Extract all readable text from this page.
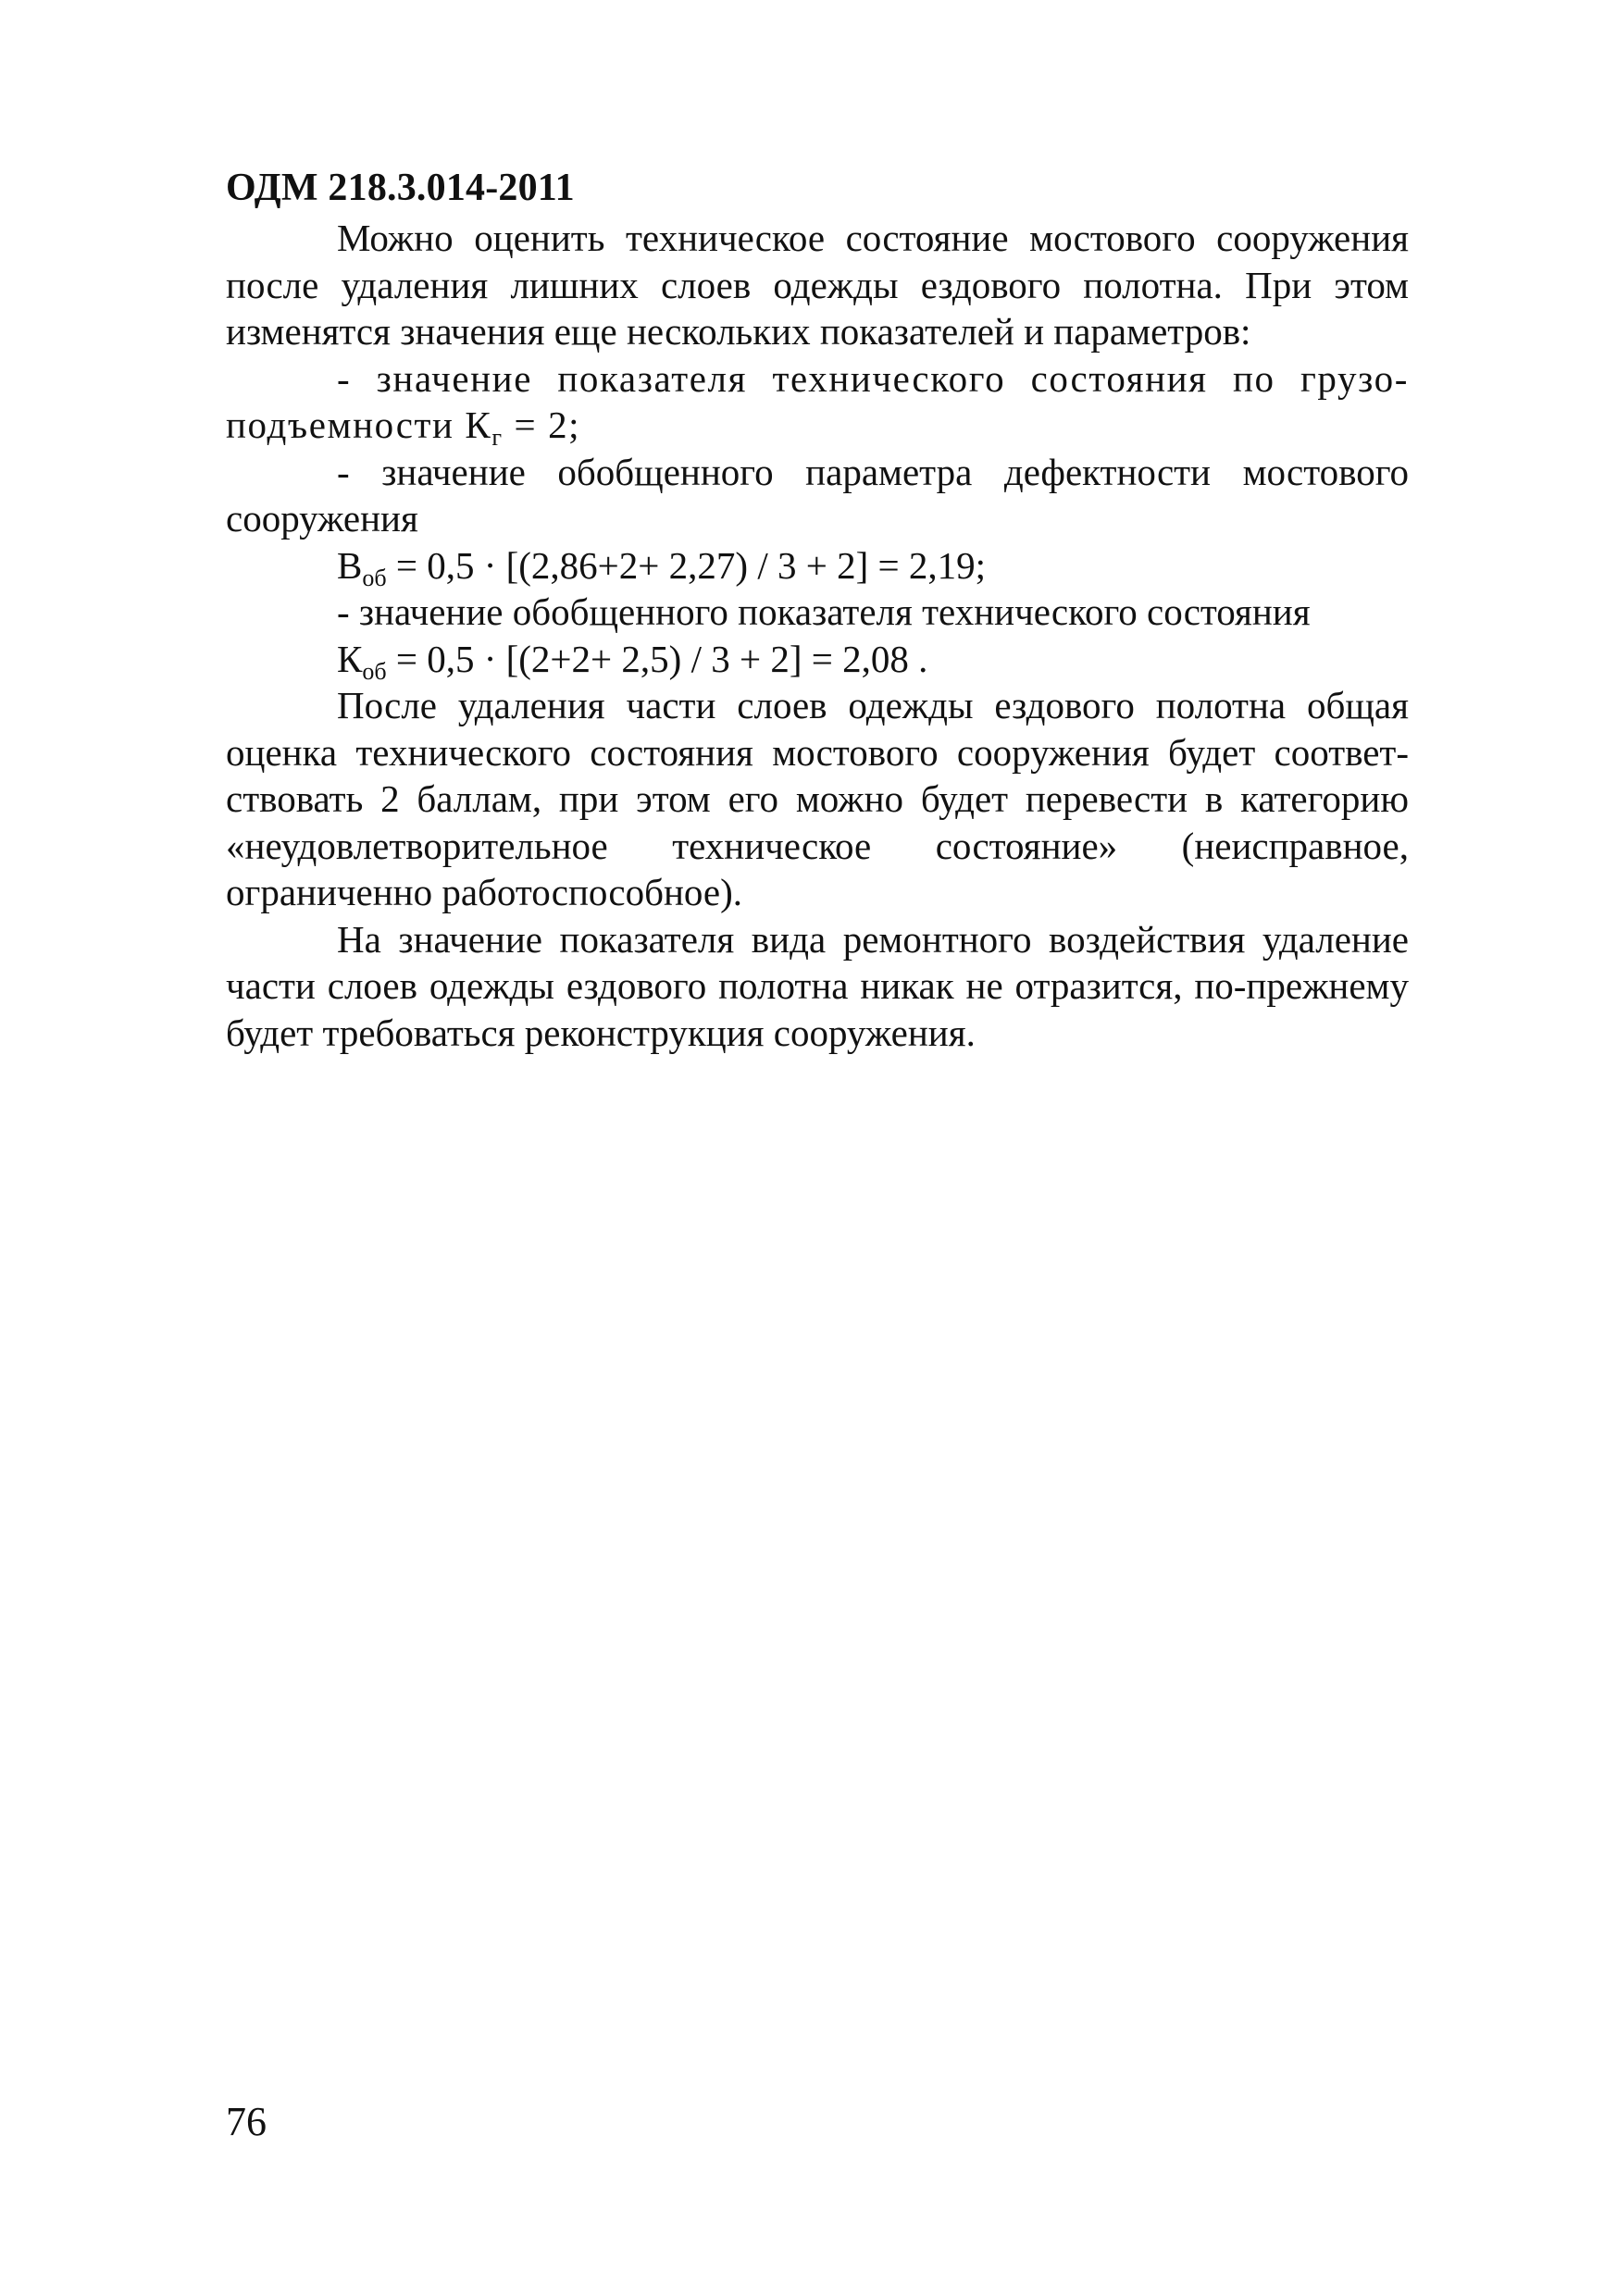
ОДМ 218.3.014-2011

Можно оценить техническое состояние мостового сооружения после удаления лишних слоев одежды ездового полотна. При этом изменятся значения еще нескольких показателей и параметров:

- значение показателя технического состояния по грузо-подъемности $К_г = 2$;

- значение обобщенного параметра дефектности мостового сооружения

$В_{об} = 0,5 \cdot [(2,86+2+ 2,27) / 3 + 2] = 2,19$;

- значение обобщенного показателя технического состояния

$К_{об} = 0,5 \cdot [(2+2+ 2,5) / 3 + 2] = 2,08$ .

После удаления части слоев одежды ездового полотна общая оценка технического состояния мостового сооружения будет соответ-ствовать 2 баллам, при этом его можно будет перевести в категорию «неудовлетворительное техническое состояние» (неисправное, ограниченно работоспособное).

На значение показателя вида ремонтного воздействия удаление части слоев одежды ездового полотна никак не отразится, по-прежнему будет требоваться реконструкция сооружения.

76
